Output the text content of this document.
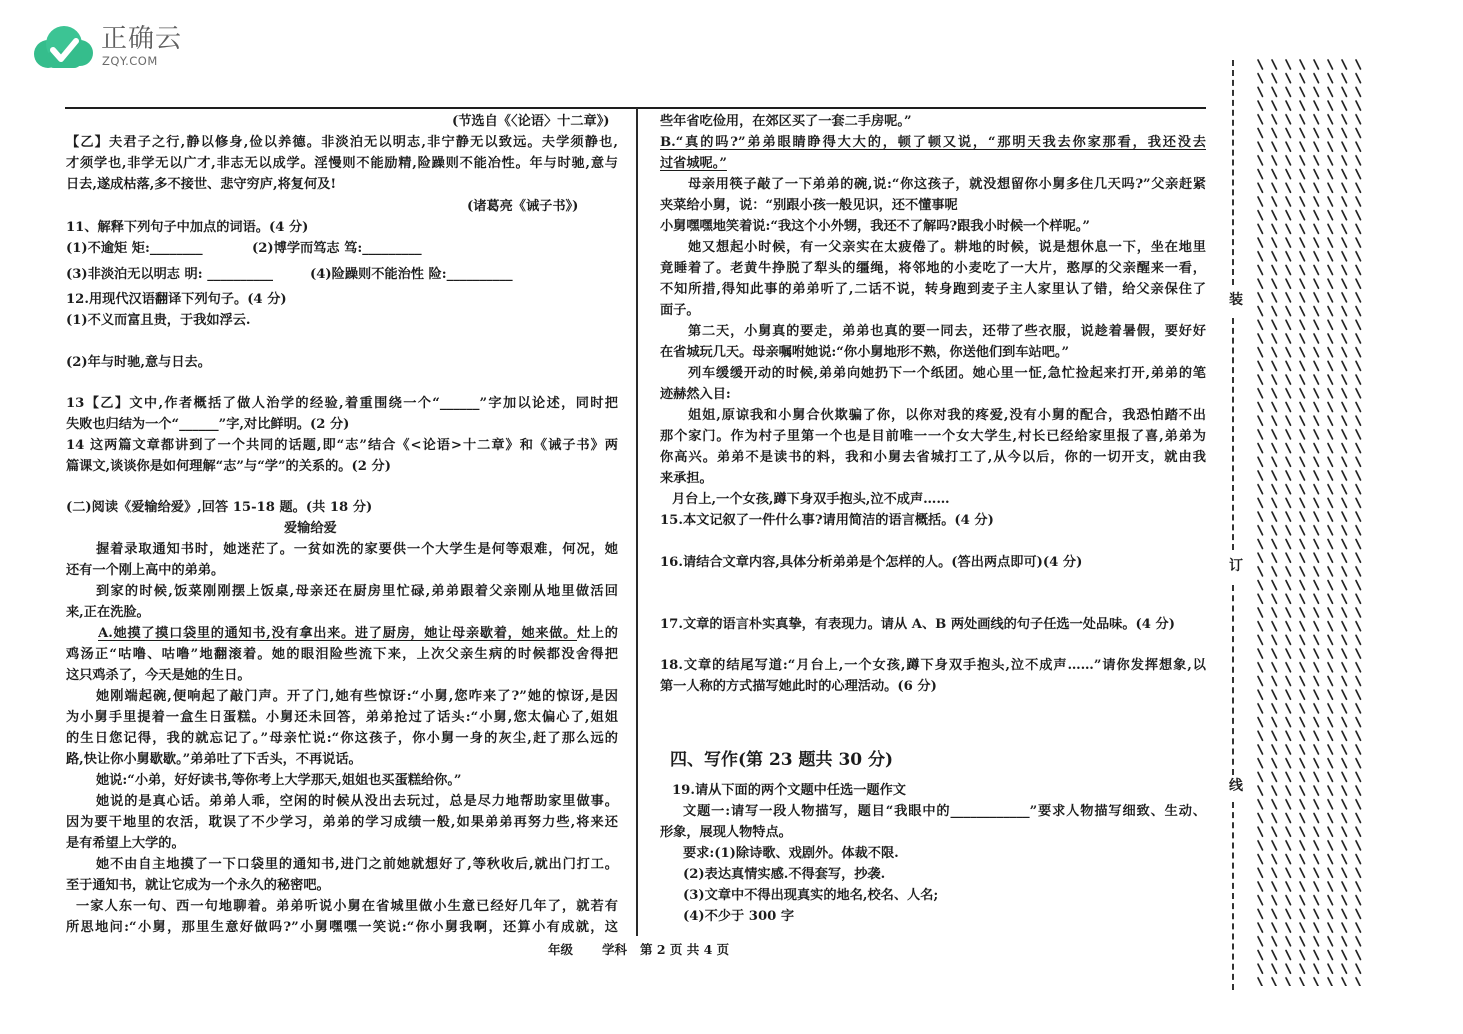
正确云
ZQY.COM
(节选自《〈论语〉十二章》)
【乙】夫君子之行,静以修身,俭以养德。非淡泊无以明志,非宁静无以致远。夫学须静也,
才须学也,非学无以广才,非志无以成学。淫慢则不能励精,险躁则不能冶性。年与时驰,意与
日去,遂成枯落,多不接世、悲守穷庐,将复何及!
(诸葛亮《诫子书》)
11、解释下列句子中加点的词语。(4 分)
(1)不逾矩 矩:________	(2)博学而笃志 笃:_________
(3)非淡泊无以明志 明: __________	(4)险躁则不能治性 险:__________
12.用现代汉语翻译下列句子。(4 分)
(1)不义而富且贵，于我如浮云.
(2)年与时驰,意与日去。
13【乙】文中,作者概括了做人治学的经验,着重围绕一个“______”字加以论述，同时把
失败也归结为一个“______”字,对比鲜明。(2 分)
14 这两篇文章都讲到了一个共同的话题,即“志”结合《<论语>十二章》和《诫子书》两
篇课文,谈谈你是如何理解“志”与“学”的关系的。(2 分)
(二)阅读《爱输给爱》,回答 15-18 题。(共 18 分)
爱输给爱
握着录取通知书时，她迷茫了。一贫如洗的家要供一个大学生是何等艰难，何况，她
还有一个刚上高中的弟弟。
到家的时候,饭菜刚刚摆上饭桌,母亲还在厨房里忙碌,弟弟跟着父亲刚从地里做活回
来,正在洗脸。
A.她摸了摸口袋里的通知书,没有拿出来。进了厨房，她让母亲歇着，她来做。灶上的
鸡汤正“咕噜、咕噜”地翻滚着。她的眼泪险些流下来，上次父亲生病的时候都没舍得把
这只鸡杀了，今天是她的生日。
她刚端起碗,便响起了敲门声。开了门,她有些惊讶:“小舅,您咋来了?”她的惊讶,是因
为小舅手里提着一盒生日蛋糕。小舅还未回答，弟弟抢过了话头:“小舅,您太偏心了,姐姐
的生日您记得，我的就忘记了。”母亲忙说:“你这孩子，你小舅一身的灰尘,赶了那么远的
路,快让你小舅歇歇。”弟弟吐了下舌头，不再说话。
她说:“小弟，好好读书,等你考上大学那天,姐姐也买蛋糕给你。”
她说的是真心话。弟弟人乖，空闲的时候从没出去玩过，总是尽力地帮助家里做事。
因为要干地里的农活，耽误了不少学习，弟弟的学习成绩一般,如果弟弟再努力些,将来还
是有希望上大学的。
她不由自主地摸了一下口袋里的通知书,进门之前她就想好了,等秋收后,就出门打工。
至于通知书，就让它成为一个永久的秘密吧。
一家人东一句、西一句地聊着。弟弟听说小舅在省城里做小生意已经好几年了，就若有
所思地问:“小舅，那里生意好做吗?”小舅嘿嘿一笑说:“你小舅我啊，还算小有成就，这
些年省吃俭用，在郊区买了一套二手房呢。”
B.“真的吗?”弟弟眼睛睁得大大的，顿了顿又说，“那明天我去你家那看，我还没去
过省城呢。”
母亲用筷子敲了一下弟弟的碗,说:“你这孩子，就没想留你小舅多住几天吗?”父亲赶紧
夹菜给小舅，说：“别跟小孩一般见识，还不懂事呢
小舅嘿嘿地笑着说:“我这个小外甥，我还不了解吗?跟我小时候一个样呢。”
她又想起小时候，有一父亲实在太疲倦了。耕地的时候，说是想休息一下，坐在地里
竟睡着了。老黄牛挣脱了犁头的缰绳，将邻地的小麦吃了一大片，憨厚的父亲醒来一看，
不知所措,得知此事的弟弟听了,二话不说，转身跑到麦子主人家里认了错，给父亲保住了
面子。
第二天，小舅真的要走，弟弟也真的要一同去，还带了些衣服，说趁着暑假，要好好
在省城玩几天。母亲嘱咐她说:“你小舅地形不熟，你送他们到车站吧。”
列车缓缓开动的时候,弟弟向她扔下一个纸团。她心里一怔,急忙捡起来打开,弟弟的笔
迹赫然入目:
姐姐,原谅我和小舅合伙欺骗了你，以你对我的疼爱,没有小舅的配合，我恐怕踏不出
那个家门。作为村子里第一个也是目前唯一一个女大学生,村长已经给家里报了喜,弟弟为
你高兴。弟弟不是读书的料，我和小舅去省城打工了,从今以后，你的一切开支，就由我
来承担。
月台上,一个女孩,蹲下身双手抱头,泣不成声……
15.本文记叙了一件什么事?请用简洁的语言概括。(4 分)
16.请结合文章内容,具体分析弟弟是个怎样的人。(答出两点即可)(4 分)
17.文章的语言朴实真挚，有表现力。请从 A、B 两处画线的句子任选一处品味。(4 分)
18.文章的结尾写道:“月台上,一个女孩,蹲下身双手抱头,泣不成声……”请你发挥想象,以
第一人称的方式描写她此时的心理活动。(6 分)
四、写作(第 23 题共 30 分)
19.请从下面的两个文题中任选一题作文
文题一:请写一段人物描写，题目“我眼中的____________”要求人物描写细致、生动、
形象，展现人物特点。
要求:(1)除诗歌、戏剧外。体裁不限.
(2)表达真情实感.不得套写，抄袭.
(3)文章中不得出现真实的地名,校名、人名;
(4)不少于 300 字
年级 学科 第 2 页 共 4 页
装
订
线
